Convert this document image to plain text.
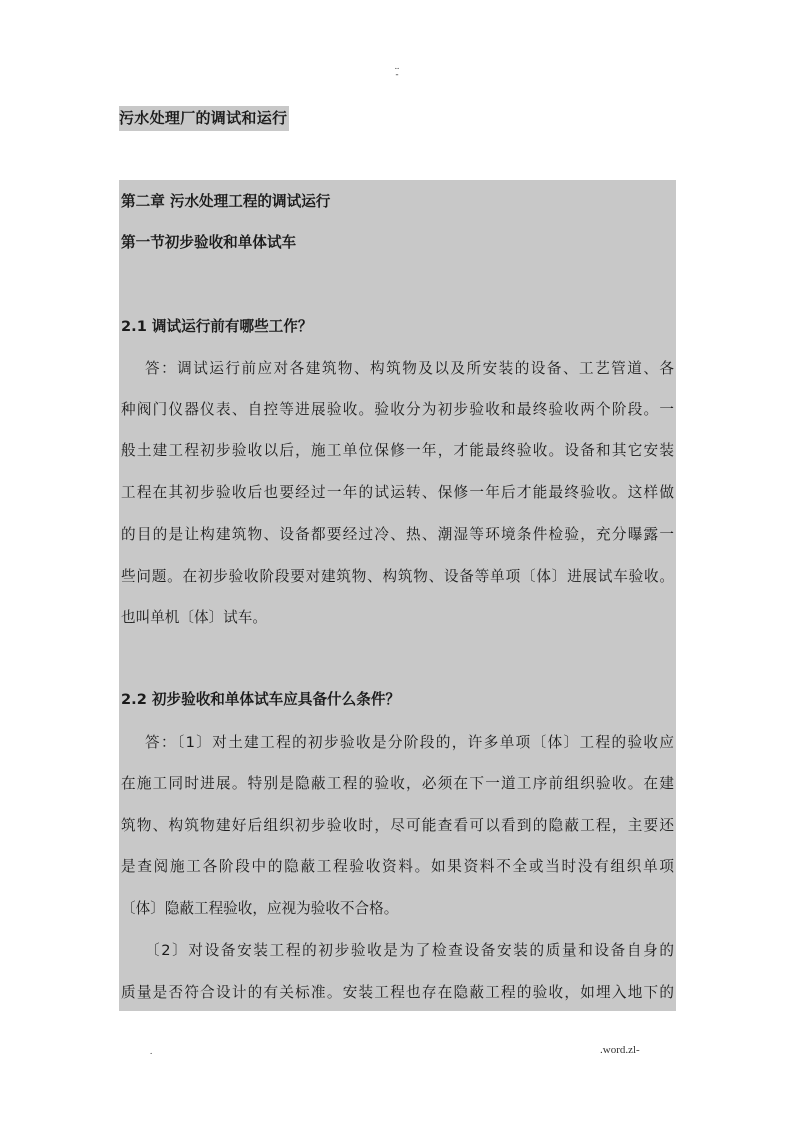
..
-
污水处理厂的调试和运行
第二章 污水处理工程的调试运行
第一节初步验收和单体试车
2.1 调试运行前有哪些工作？
答：调试运行前应对各建筑物、构筑物及以及所安装的设备、工艺管道、各
种阀门仪器仪表、自控等进展验收。验收分为初步验收和最终验收两个阶段。一
般土建工程初步验收以后，施工单位保修一年，才能最终验收。设备和其它安装
工程在其初步验收后也要经过一年的试运转、保修一年后才能最终验收。这样做
的目的是让构建筑物、设备都要经过冷、热、潮湿等环境条件检验，充分曝露一
些问题。在初步验收阶段要对建筑物、构筑物、设备等单项〔体〕进展试车验收。
也叫单机〔体〕试车。
2.2 初步验收和单体试车应具备什么条件？
答：〔1〕对土建工程的初步验收是分阶段的，许多单项〔体〕工程的验收应
在施工同时进展。特别是隐蔽工程的验收，必须在下一道工序前组织验收。在建
筑物、构筑物建好后组织初步验收时，尽可能查看可以看到的隐蔽工程，主要还
是查阅施工各阶段中的隐蔽工程验收资料。如果资料不全或当时没有组织单项
〔体〕隐蔽工程验收，应视为验收不合格。
〔2〕对设备安装工程的初步验收是为了检查设备安装的质量和设备自身的
质量是否符合设计的有关标准。安装工程也存在隐蔽工程的验收，如埋入地下的
.	.word.zl-
